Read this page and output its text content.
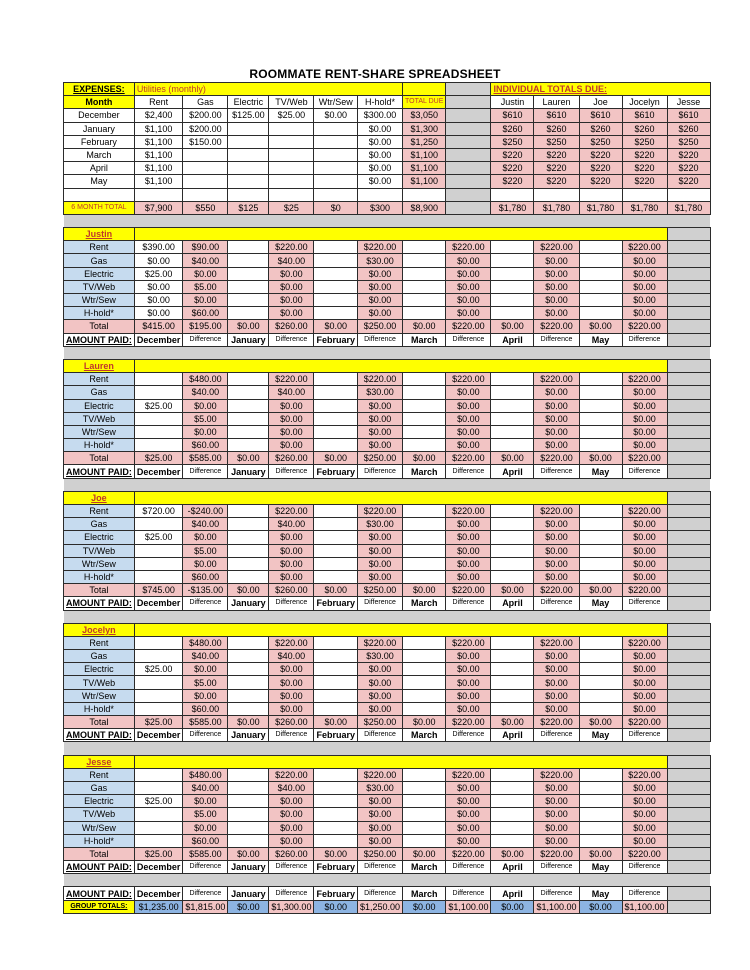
ROOMMATE RENT-SHARE SPREADSHEET
EXPENSES:	Utilities (monthly)								INDIVIDUAL TOTALS DUE:				
Month	Rent	Gas	Electric	TV/Web	Wtr/Sew	H-hold*	TOTAL DUE		Justin	Lauren	Joe	Jocelyn	Jesse
December	$2,400	$200.00	$125.00	$25.00	$0.00	$300.00	$3,050		$610	$610	$610	$610	$610
January	$1,100	$200.00				$0.00	$1,300		$260	$260	$260	$260	$260
February	$1,100	$150.00				$0.00	$1,250		$250	$250	$250	$250	$250
March	$1,100					$0.00	$1,100		$220	$220	$220	$220	$220
April	$1,100					$0.00	$1,100		$220	$220	$220	$220	$220
May	$1,100					$0.00	$1,100		$220	$220	$220	$220	$220

6 MONTH TOTAL	$7,900	$550	$125	$25	$0	$300	$8,900		$1,780	$1,780	$1,780	$1,780	$1,780

Justin													
Rent	$390.00	$90.00		$220.00		$220.00		$220.00		$220.00		$220.00	
Gas	$0.00	$40.00		$40.00		$30.00		$0.00		$0.00		$0.00	
Electric	$25.00	$0.00		$0.00		$0.00		$0.00		$0.00		$0.00	
TV/Web	$0.00	$5.00		$0.00		$0.00		$0.00		$0.00		$0.00	
Wtr/Sew	$0.00	$0.00		$0.00		$0.00		$0.00		$0.00		$0.00	
H-hold*	$0.00	$60.00		$0.00		$0.00		$0.00		$0.00		$0.00	
Total	$415.00	$195.00	$0.00	$260.00	$0.00	$250.00	$0.00	$220.00	$0.00	$220.00	$0.00	$220.00	
AMOUNT PAID:	December	Difference	January	Difference	February	Difference	March	Difference	April	Difference	May	Difference	

Lauren													
Rent		$480.00		$220.00		$220.00		$220.00		$220.00		$220.00	
Gas		$40.00		$40.00		$30.00		$0.00		$0.00		$0.00	
Electric	$25.00	$0.00		$0.00		$0.00		$0.00		$0.00		$0.00	
TV/Web		$5.00		$0.00		$0.00		$0.00		$0.00		$0.00	
Wtr/Sew		$0.00		$0.00		$0.00		$0.00		$0.00		$0.00	
H-hold*		$60.00		$0.00		$0.00		$0.00		$0.00		$0.00	
Total	$25.00	$585.00	$0.00	$260.00	$0.00	$250.00	$0.00	$220.00	$0.00	$220.00	$0.00	$220.00	
AMOUNT PAID:	December	Difference	January	Difference	February	Difference	March	Difference	April	Difference	May	Difference	

Joe													
Rent	$720.00	-$240.00		$220.00		$220.00		$220.00		$220.00		$220.00	
Gas		$40.00		$40.00		$30.00		$0.00		$0.00		$0.00	
Electric	$25.00	$0.00		$0.00		$0.00		$0.00		$0.00		$0.00	
TV/Web		$5.00		$0.00		$0.00		$0.00		$0.00		$0.00	
Wtr/Sew		$0.00		$0.00		$0.00		$0.00		$0.00		$0.00	
H-hold*		$60.00		$0.00		$0.00		$0.00		$0.00		$0.00	
Total	$745.00	-$135.00	$0.00	$260.00	$0.00	$250.00	$0.00	$220.00	$0.00	$220.00	$0.00	$220.00	
AMOUNT PAID:	December	Difference	January	Difference	February	Difference	March	Difference	April	Difference	May	Difference	

Jocelyn													
Rent		$480.00		$220.00		$220.00		$220.00		$220.00		$220.00	
Gas		$40.00		$40.00		$30.00		$0.00		$0.00		$0.00	
Electric	$25.00	$0.00		$0.00		$0.00		$0.00		$0.00		$0.00	
TV/Web		$5.00		$0.00		$0.00		$0.00		$0.00		$0.00	
Wtr/Sew		$0.00		$0.00		$0.00		$0.00		$0.00		$0.00	
H-hold*		$60.00		$0.00		$0.00		$0.00		$0.00		$0.00	
Total	$25.00	$585.00	$0.00	$260.00	$0.00	$250.00	$0.00	$220.00	$0.00	$220.00	$0.00	$220.00	
AMOUNT PAID:	December	Difference	January	Difference	February	Difference	March	Difference	April	Difference	May	Difference	

Jesse													
Rent		$480.00		$220.00		$220.00		$220.00		$220.00		$220.00	
Gas		$40.00		$40.00		$30.00		$0.00		$0.00		$0.00	
Electric	$25.00	$0.00		$0.00		$0.00		$0.00		$0.00		$0.00	
TV/Web		$5.00		$0.00		$0.00		$0.00		$0.00		$0.00	
Wtr/Sew		$0.00		$0.00		$0.00		$0.00		$0.00		$0.00	
H-hold*		$60.00		$0.00		$0.00		$0.00		$0.00		$0.00	
Total	$25.00	$585.00	$0.00	$260.00	$0.00	$250.00	$0.00	$220.00	$0.00	$220.00	$0.00	$220.00	
AMOUNT PAID:	December	Difference	January	Difference	February	Difference	March	Difference	April	Difference	May	Difference	

AMOUNT PAID:	December	Difference	January	Difference	February	Difference	March	Difference	April	Difference	May	Difference	
GROUP TOTALS:	$1,235.00	$1,815.00	$0.00	$1,300.00	$0.00	$1,250.00	$0.00	$1,100.00	$0.00	$1,100.00	$0.00	$1,100.00	
